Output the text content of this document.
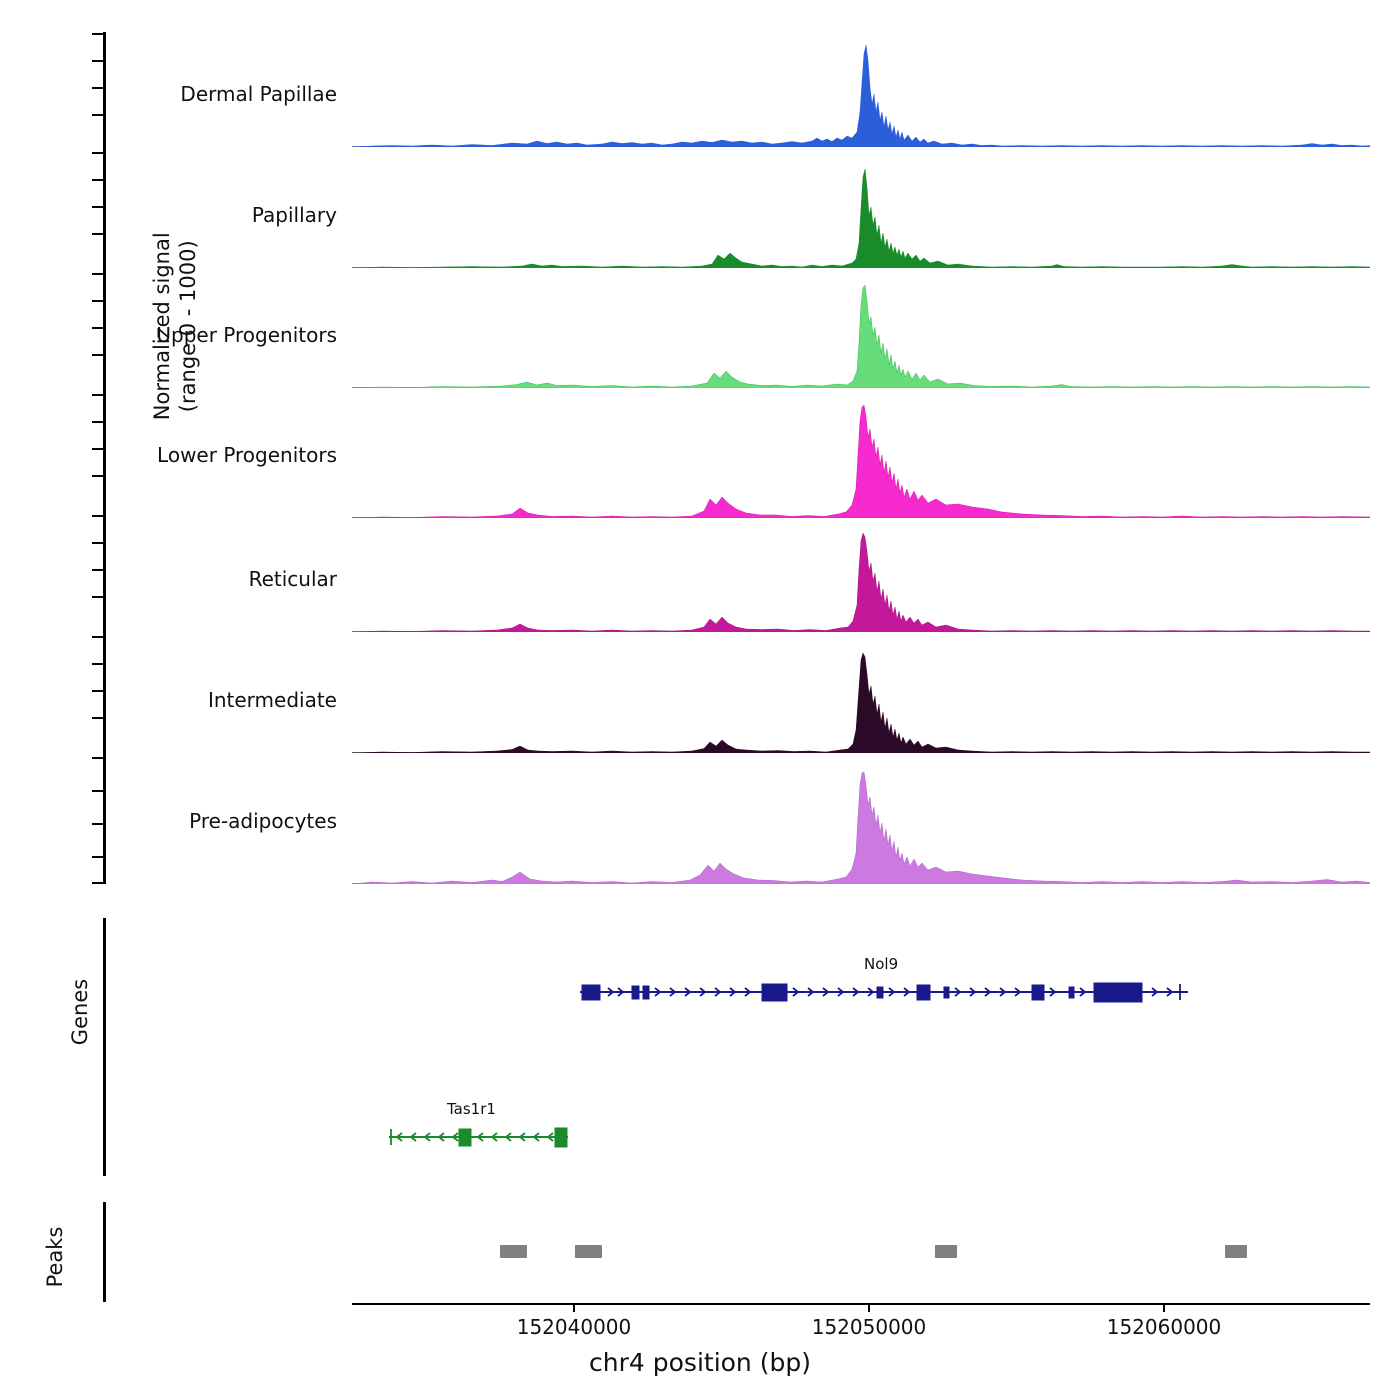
Normalized signal (range 0 - 1000)
Dermal Papillae
Papillary
Upper Progenitors
Lower Progenitors
Reticular
Intermediate
Pre-adipocytes
Genes
Nol9
Tas1r1
Peaks
152040000	152050000	152060000
chr4 position (bp)
